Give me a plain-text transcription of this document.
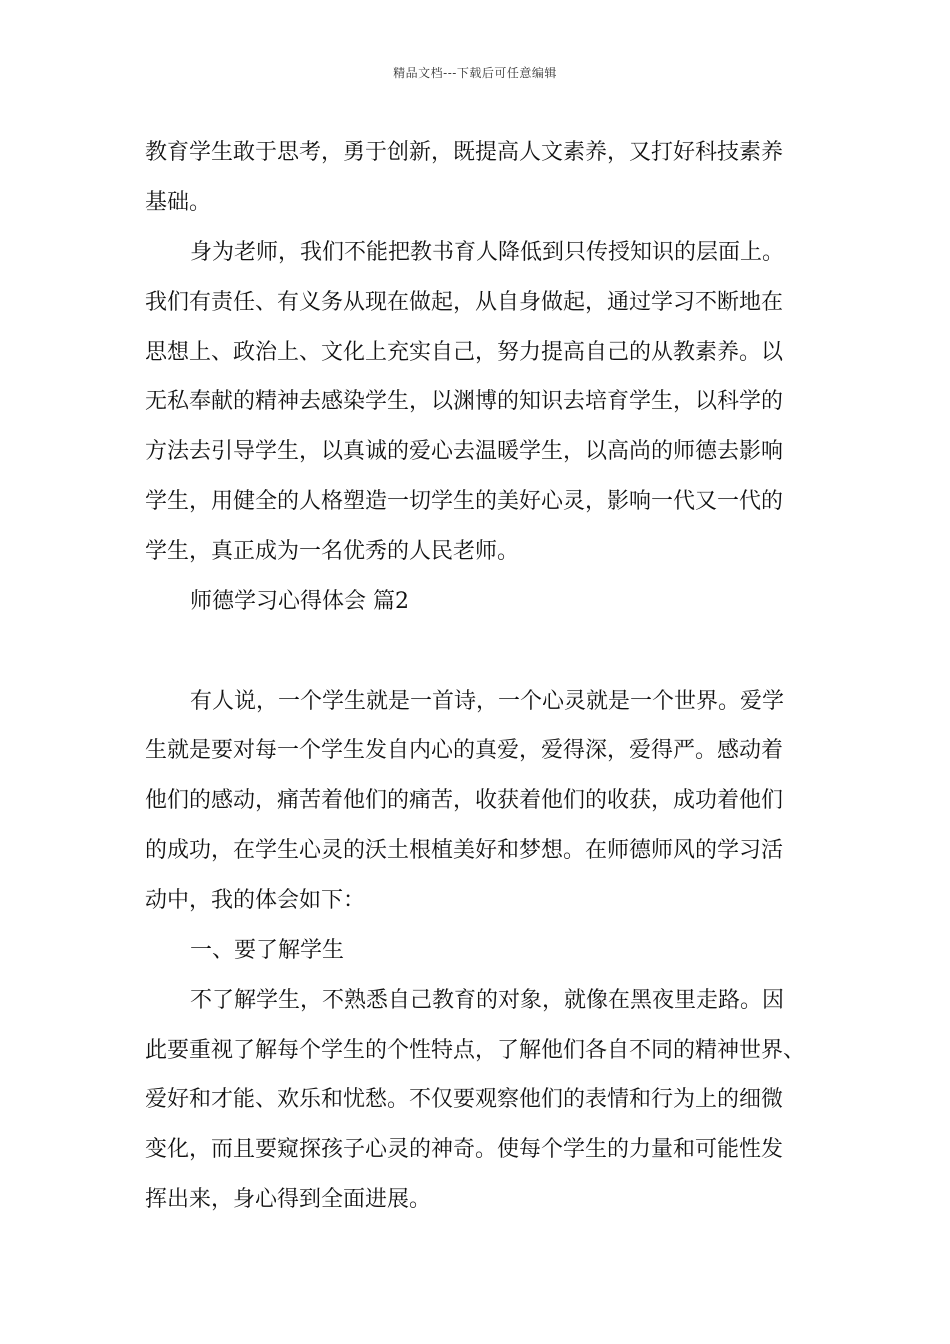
精品文档---下载后可任意编辑
教育学生敢于思考，勇于创新，既提高人文素养，又打好科技素养
基础。
身为老师，我们不能把教书育人降低到只传授知识的层面上。
我们有责任、有义务从现在做起，从自身做起，通过学习不断地在
思想上、政治上、文化上充实自己，努力提高自己的从教素养。以
无私奉献的精神去感染学生，以渊博的知识去培育学生，以科学的
方法去引导学生，以真诚的爱心去温暖学生，以高尚的师德去影响
学生，用健全的人格塑造一切学生的美好心灵，影响一代又一代的
学生，真正成为一名优秀的人民老师。
师德学习心得体会 篇2
有人说，一个学生就是一首诗，一个心灵就是一个世界。爱学
生就是要对每一个学生发自内心的真爱，爱得深，爱得严。感动着
他们的感动，痛苦着他们的痛苦，收获着他们的收获，成功着他们
的成功，在学生心灵的沃土根植美好和梦想。在师德师风的学习活
动中，我的体会如下：
一、要了解学生
不了解学生，不熟悉自己教育的对象，就像在黑夜里走路。因
此要重视了解每个学生的个性特点，了解他们各自不同的精神世界、
爱好和才能、欢乐和忧愁。不仅要观察他们的表情和行为上的细微
变化，而且要窥探孩子心灵的神奇。使每个学生的力量和可能性发
挥出来，身心得到全面进展。
